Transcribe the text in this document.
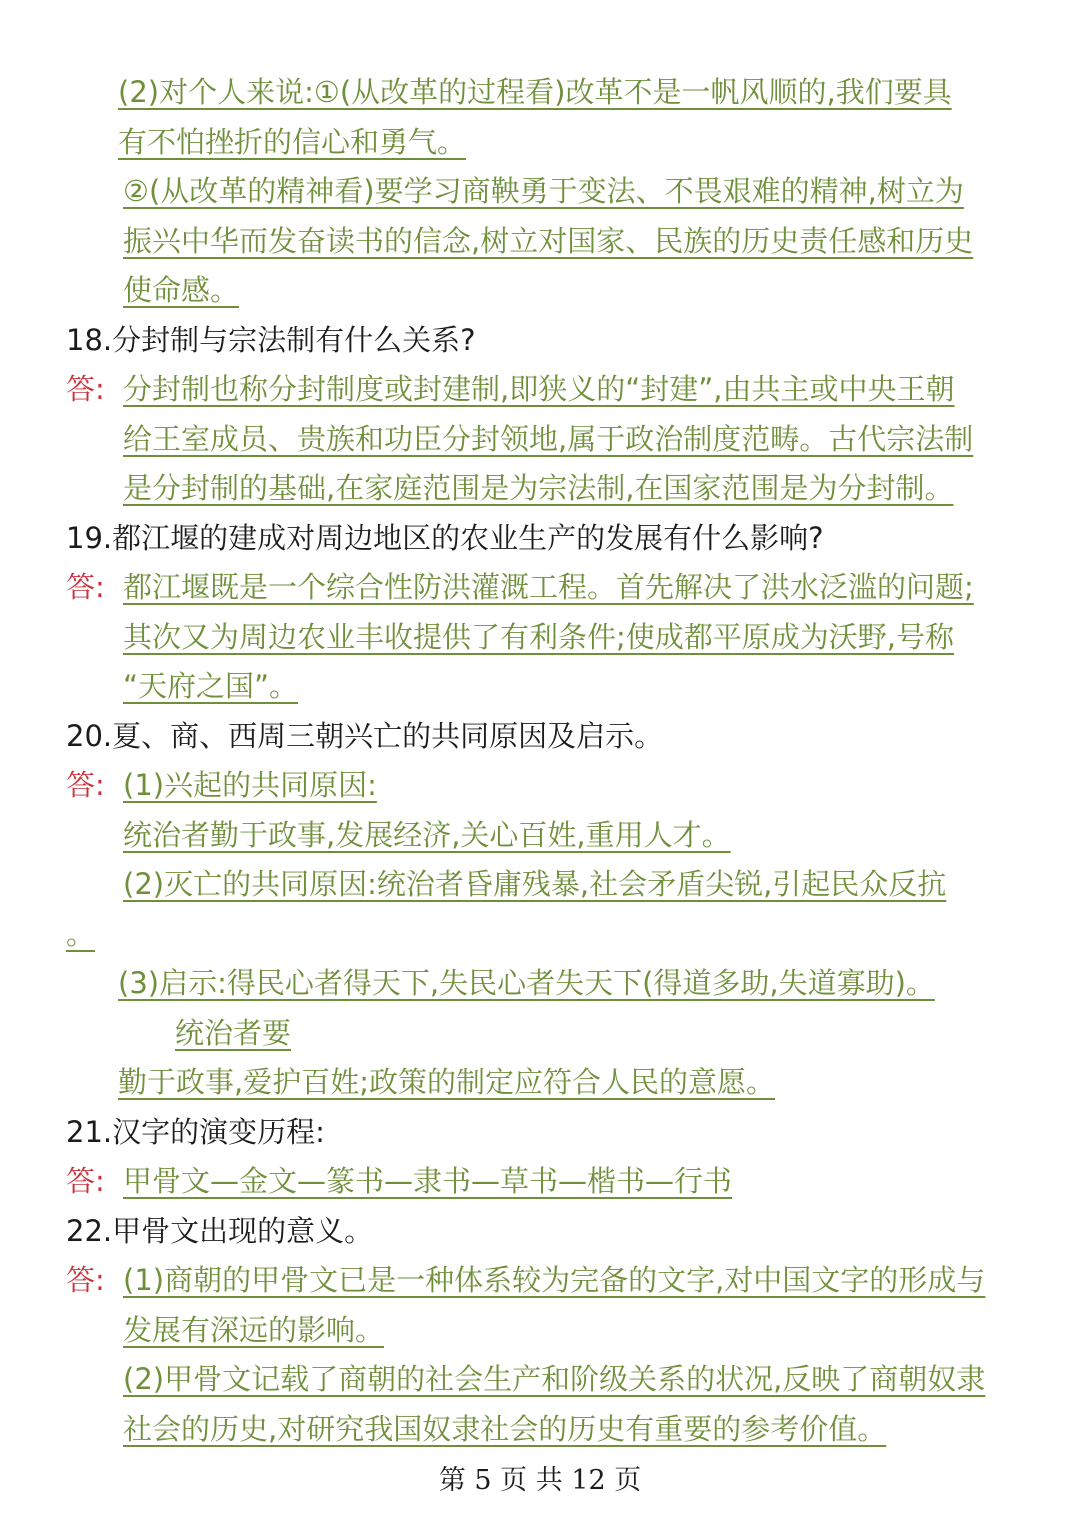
(2)对个人来说:①(从改革的过程看)改革不是一帆风顺的,我们要具
有不怕挫折的信心和勇气。
②(从改革的精神看)要学习商鞅勇于变法、不畏艰难的精神,树立为
振兴中华而发奋读书的信念,树立对国家、民族的历史责任感和历史
使命感。
18.分封制与宗法制有什么关系?
答: 分封制也称分封制度或封建制,即狭义的“封建”,由共主或中央王朝
给王室成员、贵族和功臣分封领地,属于政治制度范畴。古代宗法制
是分封制的基础,在家庭范围是为宗法制,在国家范围是为分封制。
19.都江堰的建成对周边地区的农业生产的发展有什么影响?
答: 都江堰既是一个综合性防洪灌溉工程。首先解决了洪水泛滥的问题;
其次又为周边农业丰收提供了有利条件;使成都平原成为沃野,号称
“天府之国”。
20.夏、商、西周三朝兴亡的共同原因及启示。
答: (1)兴起的共同原因:
统治者勤于政事,发展经济,关心百姓,重用人才。
(2)灭亡的共同原因:统治者昏庸残暴,社会矛盾尖锐,引起民众反抗
。
(3)启示:得民心者得天下,失民心者失天下(得道多助,失道寡助)。
统治者要
勤于政事,爱护百姓;政策的制定应符合人民的意愿。
21.汉字的演变历程:
答: 甲骨文—金文—篆书—隶书—草书—楷书—行书
22.甲骨文出现的意义。
答: (1)商朝的甲骨文已是一种体系较为完备的文字,对中国文字的形成与
发展有深远的影响。
(2)甲骨文记载了商朝的社会生产和阶级关系的状况,反映了商朝奴隶
社会的历史,对研究我国奴隶社会的历史有重要的参考价值。
第 5 页 共 12 页
